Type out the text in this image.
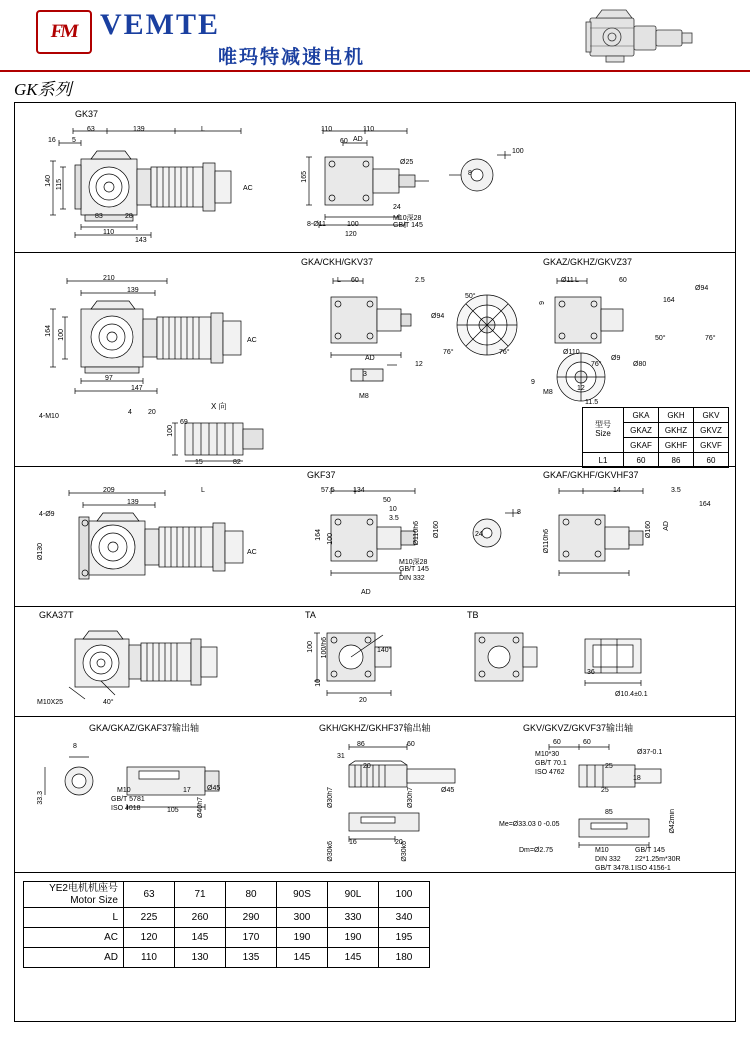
FM VEMTE
唯玛特减速电机
GK系列
GK37
63	139	L
16 5
140 115
83	28
AC
110
143
110	110
60 AD
Ø25
165
8-Ø11	100
120
100
8
24
M10深28
GB/T 145
GKA/CKH/GKV37	GKAZ/GKHZ/GKVZ37
210
139
164 100
97
147
AC
4-M10
X 向
100
69
15	82
4 20
L 60	2.5
AD
12
M8
Ø94
50°
76°	76°
Ø11 L	60
9	164
Ø94
50°	76°
76°
Ø9
Ø80
Ø110
9
M8
12
11.5
3
型号
Size	GKA	GKH	GKV
	GKAZ	GKHZ	GKVZ
	GKAF	GKHF	GKVF
L1	60	86	60
GKF37	GKAF/GKHF/GKVHF37
209	L
139
4-Ø9
Ø130	AC
57.5	134
50
10
3.5
M10深28
Ø110h6 Ø160
164 100
AD
GB/T 145
DIN 332
8
24
14	3.5
164
Ø110h6	Ø160 AD
GKA37T	TA	TB
M10X25	40°
100 100/h6	140°
10
20
Ø10.4±0.1
36
GKA/GKAZ/GKAF37输出轴	GKH/GKHZ/GKHF37输出轴	GKV/GKVZ/GKVF37输出轴
8
33.3
M10
GB/T 5781
ISO 4018
17
105
Ø45
Ø40h7
86	60
31
20
Ø30h7	Ø30h7	Ø45
16	20
Ø30k6	Ø30k6
60	60
M10*30
GB/T 70.1
ISO 4762
Ø37-0.1
25
18
25
85	Ø42min
Me=Ø33.03 0 -0.05
Dm=Ø2.75	M10	GB/T 145
DIN 332 22*1.25m*30R
GB/T 3478.1 ISO 4156-1
YE2电机机座号
Motor Size	63	71	80	90S	90L	100
L	225	260	290	300	330	340
AC	120	145	170	190	190	195
AD	110	130	135	145	145	180
